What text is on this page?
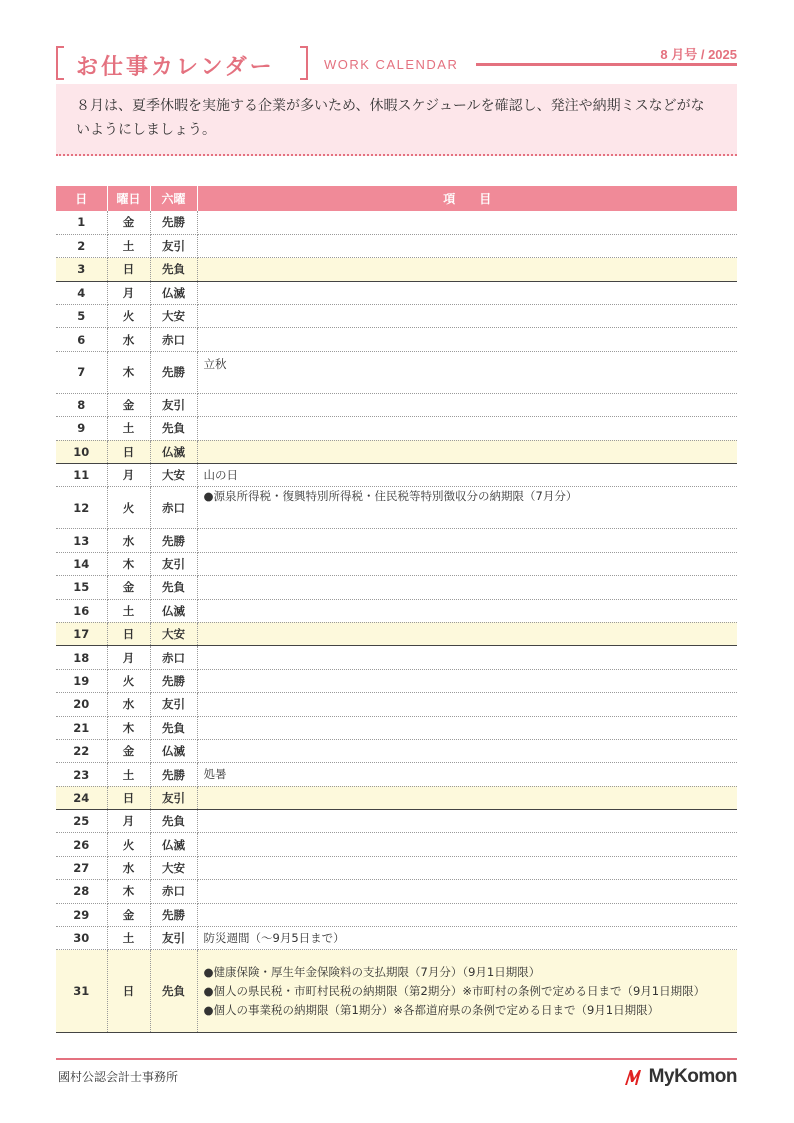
お仕事カレンダー	WORK CALENDAR
8 月号 / 2025
８月は、夏季休暇を実施する企業が多いため、休暇スケジュールを確認し、発注や納期ミスなどがないようにしましょう。
日	曜日	六曜	項　　目
1	金	先勝	
2	土	友引	
3	日	先負	
4	月	仏滅	
5	火	大安	
6	水	赤口	
7	木	先勝	立秋

8	金	友引	
9	土	先負	
10	日	仏滅	
11	月	大安	山の日

12	火	赤口	●源泉所得税・復興特別所得税・住民税等特別徴収分の納期限（7月分）

13	水	先勝	
14	木	友引	
15	金	先負	
16	土	仏滅	
17	日	大安	
18	月	赤口	
19	火	先勝	
20	水	友引	
21	木	先負	
22	金	仏滅	
23	土	先勝	処暑

24	日	友引	
25	月	先負	
26	火	仏滅	
27	水	大安	
28	木	赤口	
29	金	先勝	
30	土	友引	防災週間（～9月5日まで）

31	日	先負	●健康保険・厚生年金保険料の支払期限（7月分）（9月1日期限）
●個人の県民税・市町村民税の納期限（第2期分）※市町村の条例で定める日まで（9月1日期限）
●個人の事業税の納期限（第1期分）※各都道府県の条例で定める日まで（9月1日期限）
國村公認会計士事務所	MyKomon
